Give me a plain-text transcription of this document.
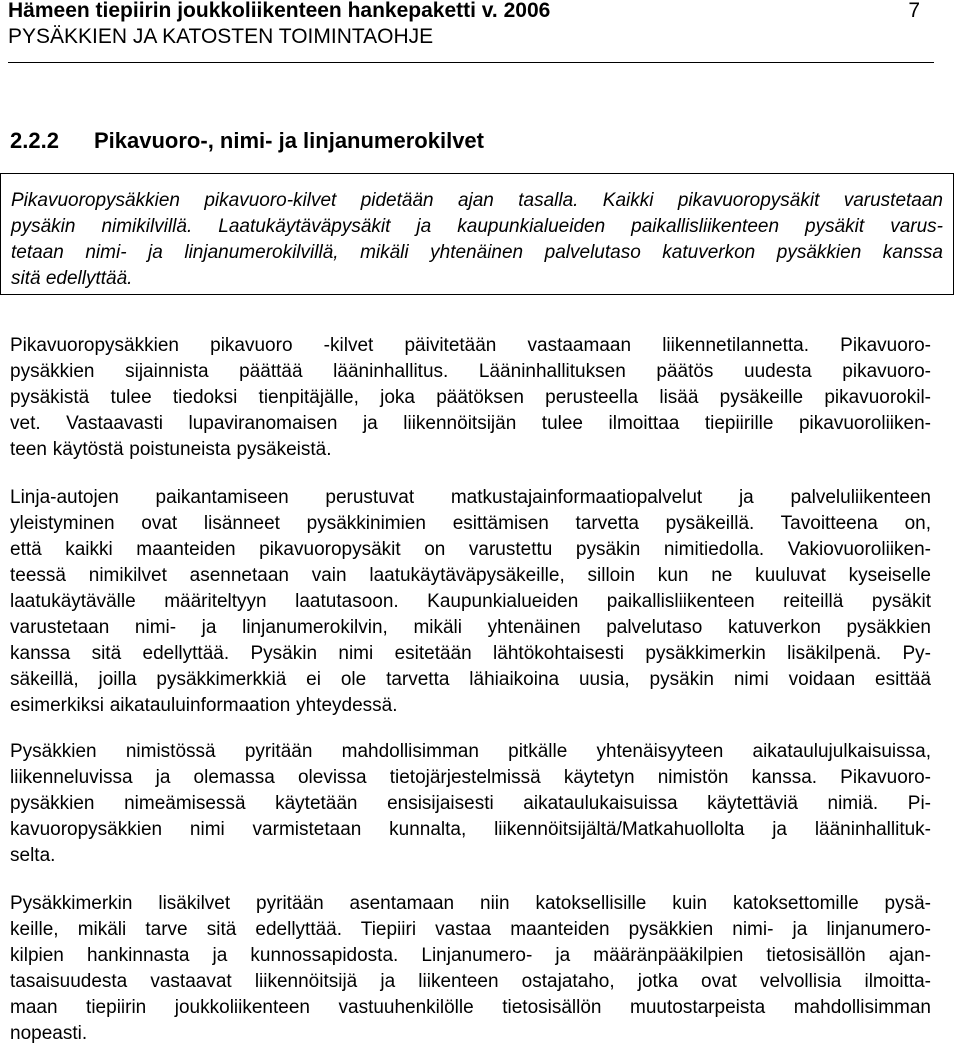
Hämeen tiepiirin joukkoliikenteen hankepaketti v. 2006
PYSÄKKIEN JA KATOSTEN TOIMINTAOHJE
7
2.2.2 Pikavuoro-, nimi- ja linjanumerokilvet

Pikavuoropysäkkien pikavuoro-kilvet pidetään ajan tasalla. Kaikki pikavuoropysäkit varustetaan
pysäkin nimikilvillä. Laatukäytäväpysäkit ja kaupunkialueiden paikallisliikenteen pysäkit varus-
tetaan nimi- ja linjanumerokilvillä, mikäli yhtenäinen palvelutaso katuverkon pysäkkien kanssa
sitä edellyttää.

Pikavuoropysäkkien pikavuoro -kilvet päivitetään vastaamaan liikennetilannetta. Pikavuoro-
pysäkkien sijainnista päättää lääninhallitus. Lääninhallituksen päätös uudesta pikavuoro-
pysäkistä tulee tiedoksi tienpitäjälle, joka päätöksen perusteella lisää pysäkeille pikavuorokil-
vet. Vastaavasti lupaviranomaisen ja liikennöitsijän tulee ilmoittaa tiepiirille pikavuoroliiken-
teen käytöstä poistuneista pysäkeistä.

Linja-autojen paikantamiseen perustuvat matkustajainformaatiopalvelut ja palveluliikenteen
yleistyminen ovat lisänneet pysäkkinimien esittämisen tarvetta pysäkeillä. Tavoitteena on,
että kaikki maanteiden pikavuoropysäkit on varustettu pysäkin nimitiedolla. Vakiovuoroliiken-
teessä nimikilvet asennetaan vain laatukäytäväpysäkeille, silloin kun ne kuuluvat kyseiselle
laatukäytävälle määriteltyyn laatutasoon. Kaupunkialueiden paikallisliikenteen reiteillä pysäkit
varustetaan nimi- ja linjanumerokilvin, mikäli yhtenäinen palvelutaso katuverkon pysäkkien
kanssa sitä edellyttää. Pysäkin nimi esitetään lähtökohtaisesti pysäkkimerkin lisäkilpenä. Py-
säkeillä, joilla pysäkkimerkkiä ei ole tarvetta lähiaikoina uusia, pysäkin nimi voidaan esittää
esimerkiksi aikatauluinformaation yhteydessä.

Pysäkkien nimistössä pyritään mahdollisimman pitkälle yhtenäisyyteen aikataulujulkaisuissa,
liikenneluvissa ja olemassa olevissa tietojärjestelmissä käytetyn nimistön kanssa. Pikavuoro-
pysäkkien nimeämisessä käytetään ensisijaisesti aikataulukaisuissa käytettäviä nimiä. Pi-
kavuoropysäkkien nimi varmistetaan kunnalta, liikennöitsijältä/Matkahuollolta ja lääninhallituk-
selta.

Pysäkkimerkin lisäkilvet pyritään asentamaan niin katoksellisille kuin katoksettomille pysä-
keille, mikäli tarve sitä edellyttää. Tiepiiri vastaa maanteiden pysäkkien nimi- ja linjanumero-
kilpien hankinnasta ja kunnossapidosta. Linjanumero- ja määränpääkilpien tietosisällön ajan-
tasaisuudesta vastaavat liikennöitsijä ja liikenteen ostajataho, jotka ovat velvollisia ilmoitta-
maan tiepiirin joukkoliikenteen vastuuhenkilölle tietosisällön muutostarpeista mahdollisimman
nopeasti.
